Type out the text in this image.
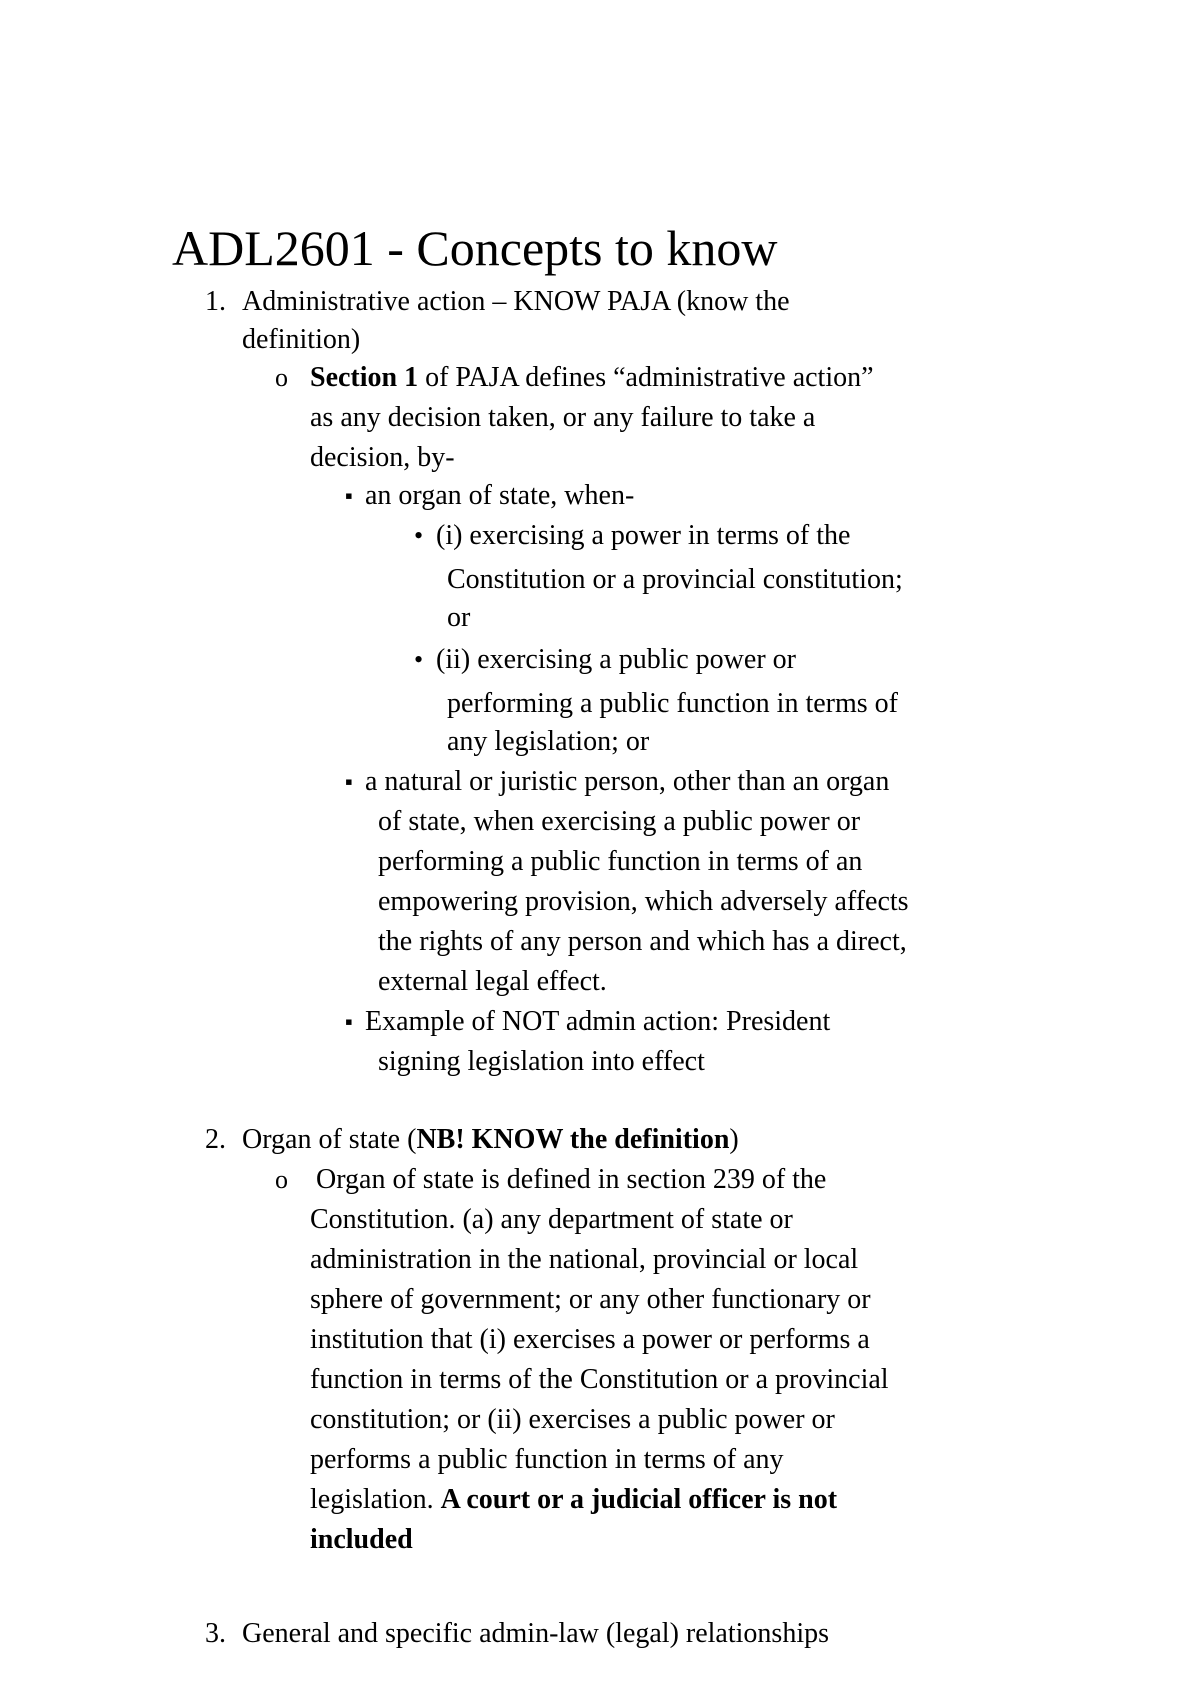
ADL2601 - Concepts to know
1. Administrative action – KNOW PAJA (know the
definition)
o Section 1 of PAJA defines “administrative action”
as any decision taken, or any failure to take a
decision, by-
▪ an organ of state, when-
• (i) exercising a power in terms of the
Constitution or a provincial constitution;
or
• (ii) exercising a public power or
performing a public function in terms of
any legislation; or
▪ a natural or juristic person, other than an organ
of state, when exercising a public power or
performing a public function in terms of an
empowering provision, which adversely affects
the rights of any person and which has a direct,
external legal effect.
▪ Example of NOT admin action: President
signing legislation into effect
2. Organ of state (NB! KNOW the definition)
o Organ of state is defined in section 239 of the
Constitution. (a) any department of state or
administration in the national, provincial or local
sphere of government; or any other functionary or
institution that (i) exercises a power or performs a
function in terms of the Constitution or a provincial
constitution; or (ii) exercises a public power or
performs a public function in terms of any
legislation. A court or a judicial officer is not
included
3. General and specific admin-law (legal) relationships
